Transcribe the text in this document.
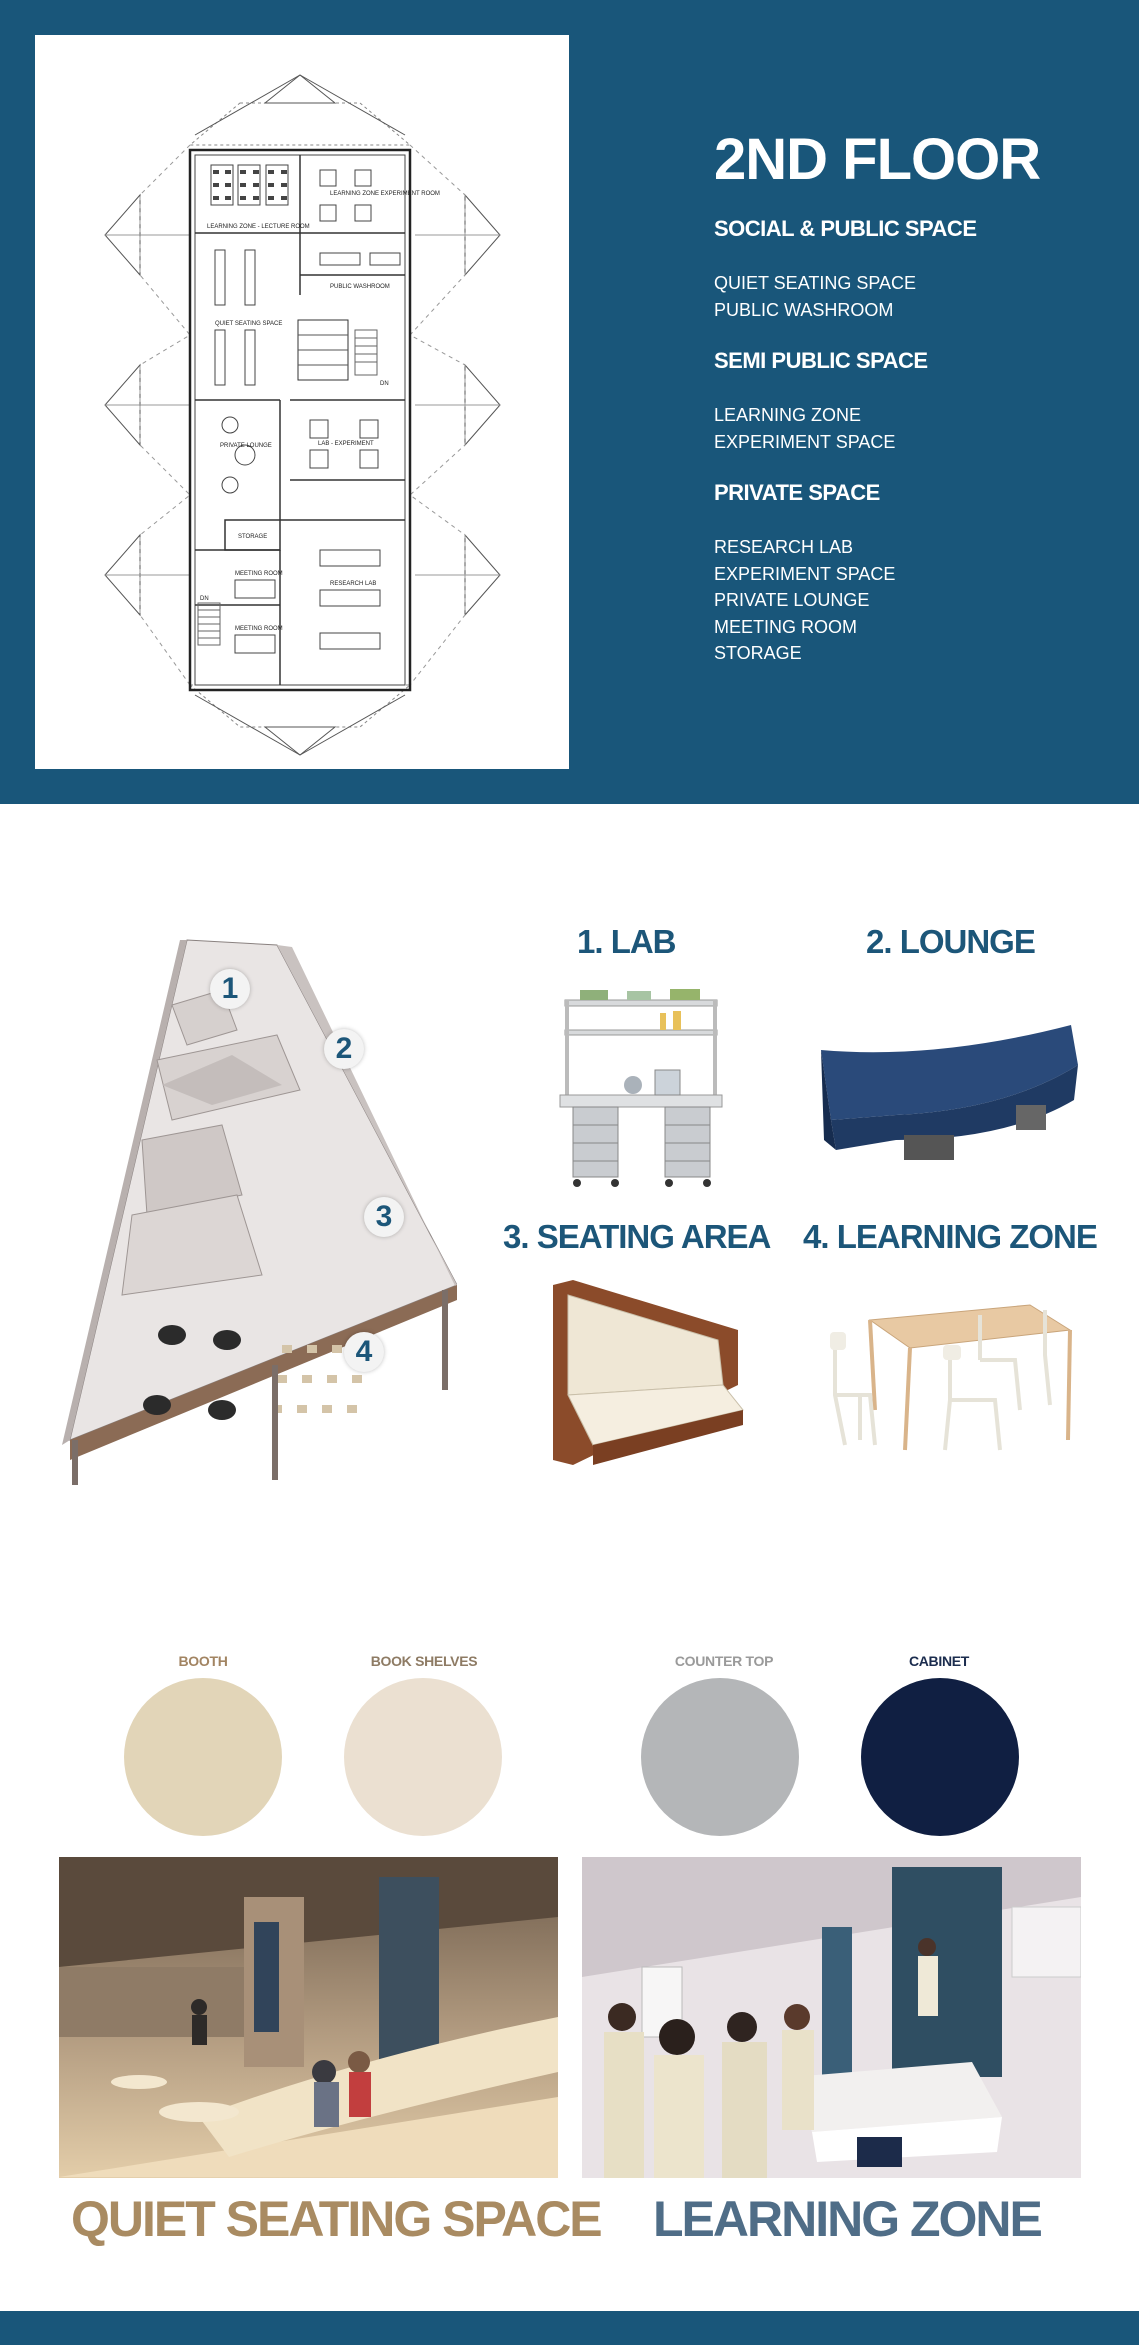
LEARNING ZONE EXPERIMENT ROOM
LEARNING ZONE - LECTURE ROOM
PUBLIC WASHROOM
QUIET SEATING SPACE
PRIVATE LOUNGE	LAB - EXPERIMENT
STORAGE
MEETING ROOM
MEETING ROOM
RESEARCH LAB
DN
DN
2ND FLOOR
SOCIAL & PUBLIC SPACE
QUIET SEATING SPACE
PUBLIC WASHROOM
SEMI PUBLIC SPACE
LEARNING ZONE
EXPERIMENT SPACE
PRIVATE SPACE
RESEARCH LAB
EXPERIMENT SPACE
PRIVATE LOUNGE
MEETING ROOM
STORAGE
1
2
3
4
1. LAB	2. LOUNGE
3. SEATING AREA 4. LEARNING ZONE
BOOTH	BOOK SHELVES	COUNTER TOP	CABINET
QUIET SEATING SPACE LEARNING ZONE
